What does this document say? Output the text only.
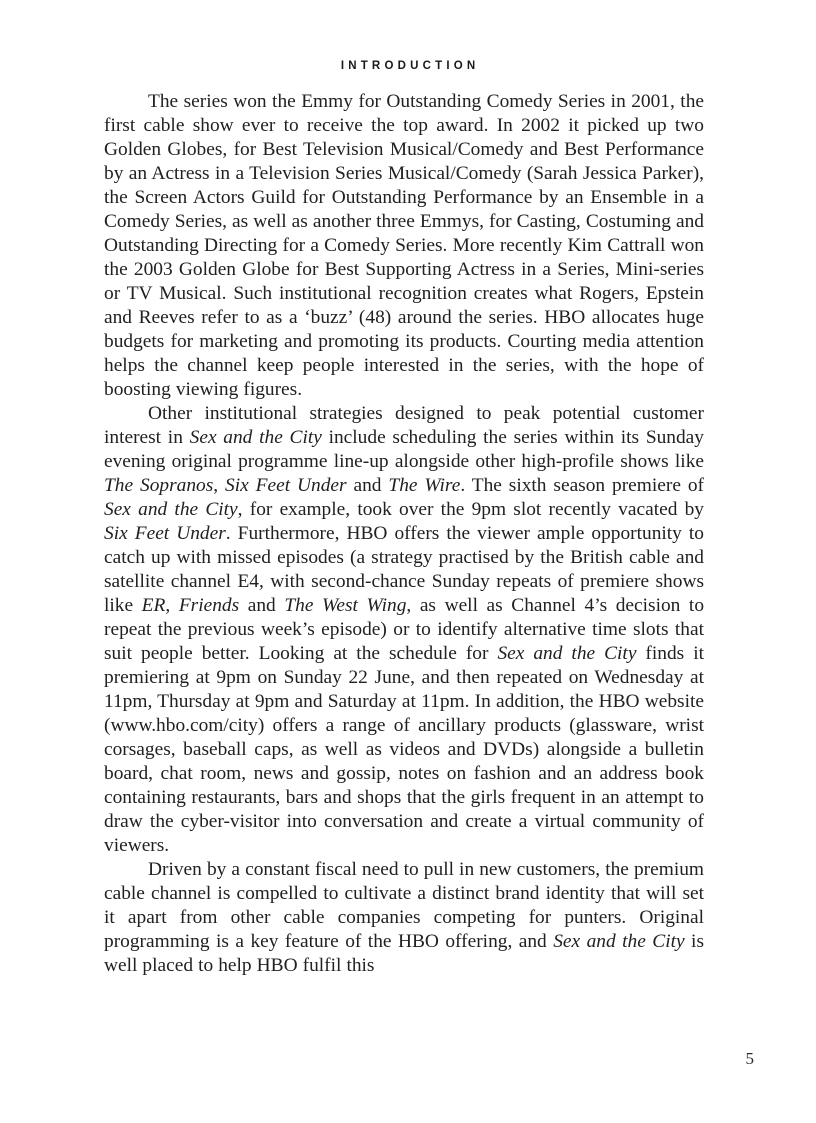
INTRODUCTION

The series won the Emmy for Outstanding Comedy Series in 2001, the first cable show ever to receive the top award. In 2002 it picked up two Golden Globes, for Best Television Musical/Comedy and Best Performance by an Actress in a Television Series Musical/Comedy (Sarah Jessica Parker), the Screen Actors Guild for Outstanding Performance by an Ensemble in a Comedy Series, as well as another three Emmys, for Casting, Costuming and Outstanding Directing for a Comedy Series. More recently Kim Cattrall won the 2003 Golden Globe for Best Supporting Actress in a Series, Mini-series or TV Musical. Such institutional recognition creates what Rogers, Epstein and Reeves refer to as a ‘buzz’ (48) around the series. HBO allocates huge budgets for marketing and promoting its products. Courting media attention helps the channel keep people interested in the series, with the hope of boosting viewing figures.

Other institutional strategies designed to peak potential customer interest in Sex and the City include scheduling the series within its Sunday evening original programme line-up alongside other high-profile shows like The Sopranos, Six Feet Under and The Wire. The sixth season premiere of Sex and the City, for example, took over the 9pm slot recently vacated by Six Feet Under. Furthermore, HBO offers the viewer ample opportunity to catch up with missed episodes (a strategy practised by the British cable and satellite channel E4, with second-chance Sunday repeats of premiere shows like ER, Friends and The West Wing, as well as Channel 4’s decision to repeat the previous week’s episode) or to identify alternative time slots that suit people better. Looking at the schedule for Sex and the City finds it premiering at 9pm on Sunday 22 June, and then repeated on Wednesday at 11pm, Thursday at 9pm and Saturday at 11pm. In addition, the HBO website (www.hbo.com/city) offers a range of ancillary products (glassware, wrist corsages, baseball caps, as well as videos and DVDs) alongside a bulletin board, chat room, news and gossip, notes on fashion and an address book containing restaurants, bars and shops that the girls frequent in an attempt to draw the cyber-visitor into conversation and create a virtual community of viewers.

Driven by a constant fiscal need to pull in new customers, the premium cable channel is compelled to cultivate a distinct brand identity that will set it apart from other cable companies competing for punters. Original programming is a key feature of the HBO offering, and Sex and the City is well placed to help HBO fulfil this

5
